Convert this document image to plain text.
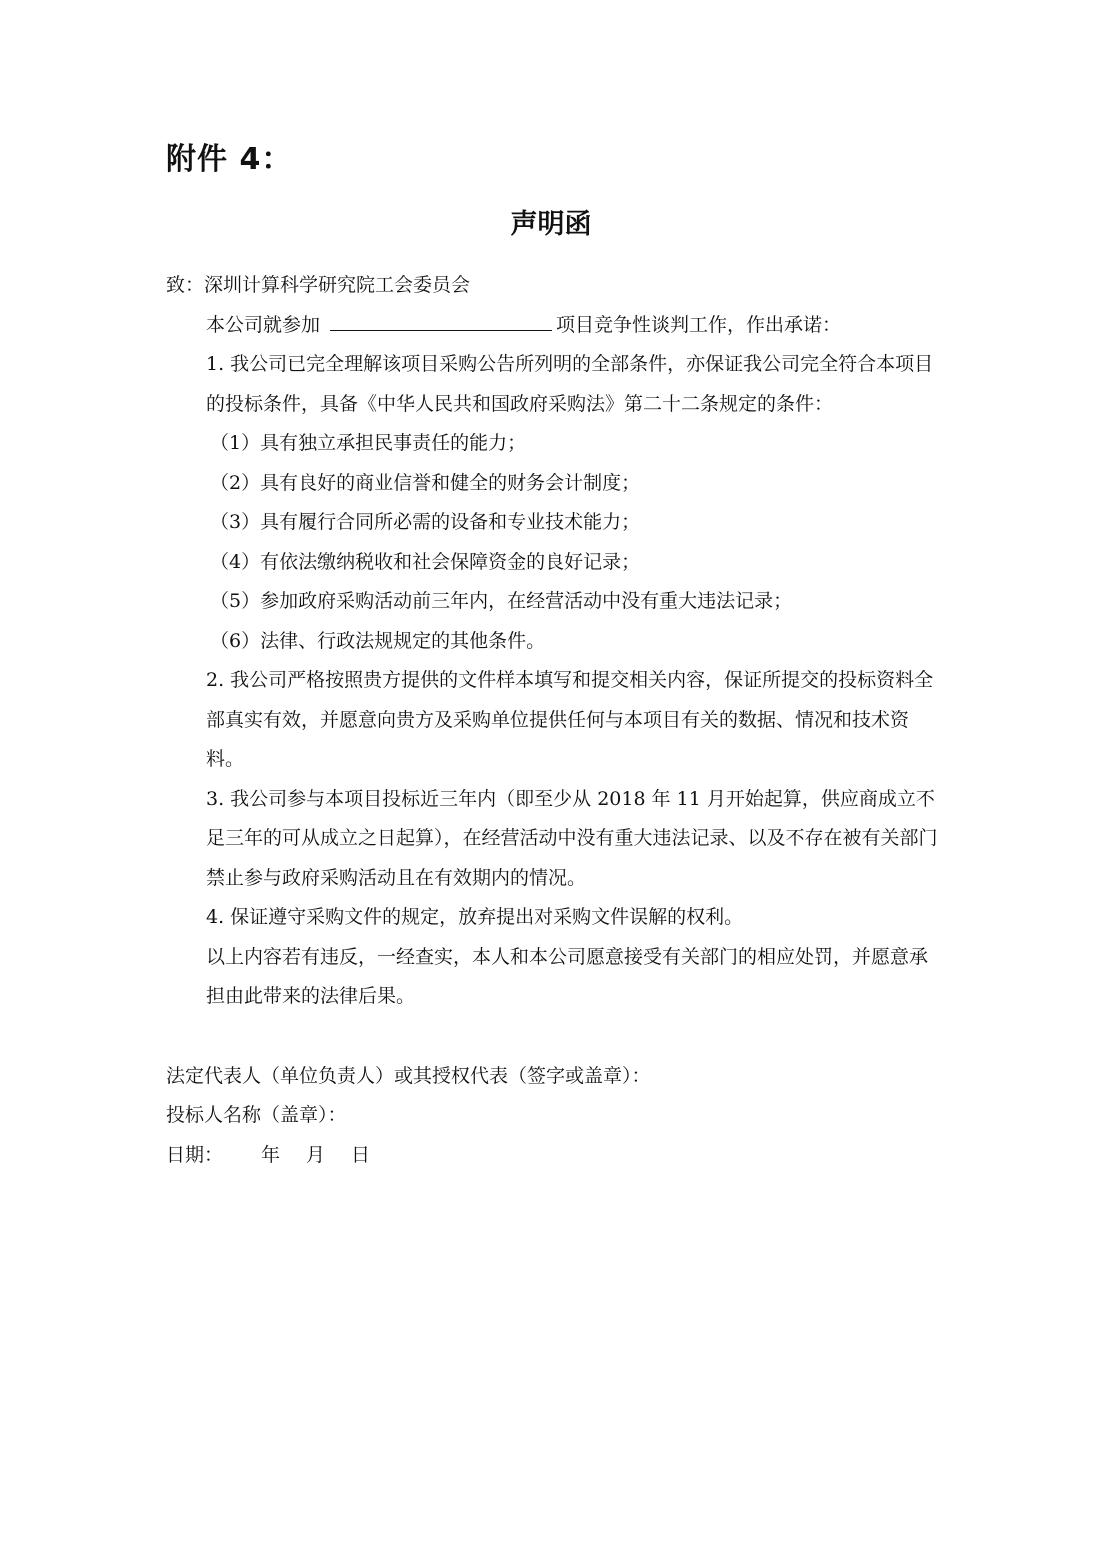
附件 4：
声明函

致：深圳计算科学研究院工会委员会

本公司就参加	项目竞争性谈判工作，作出承诺：

1. 我公司已完全理解该项目采购公告所列明的全部条件，亦保证我公司完全符合本项目的投标条件，具备《中华人民共和国政府采购法》第二十二条规定的条件：

（1）具有独立承担民事责任的能力；

（2）具有良好的商业信誉和健全的财务会计制度；

（3）具有履行合同所必需的设备和专业技术能力；

（4）有依法缴纳税收和社会保障资金的良好记录；

（5）参加政府采购活动前三年内，在经营活动中没有重大违法记录；

（6）法律、行政法规规定的其他条件。

2. 我公司严格按照贵方提供的文件样本填写和提交相关内容，保证所提交的投标资料全部真实有效，并愿意向贵方及采购单位提供任何与本项目有关的数据、情况和技术资料。

3. 我公司参与本项目投标近三年内（即至少从 2018 年 11 月开始起算，供应商成立不足三年的可从成立之日起算），在经营活动中没有重大违法记录、以及不存在被有关部门禁止参与政府采购活动且在有效期内的情况。

4. 保证遵守采购文件的规定，放弃提出对采购文件误解的权利。

以上内容若有违反，一经查实，本人和本公司愿意接受有关部门的相应处罚，并愿意承担由此带来的法律后果。

法定代表人（单位负责人）或其授权代表（签字或盖章）：

投标人名称（盖章）：

日期： 年 月 日
